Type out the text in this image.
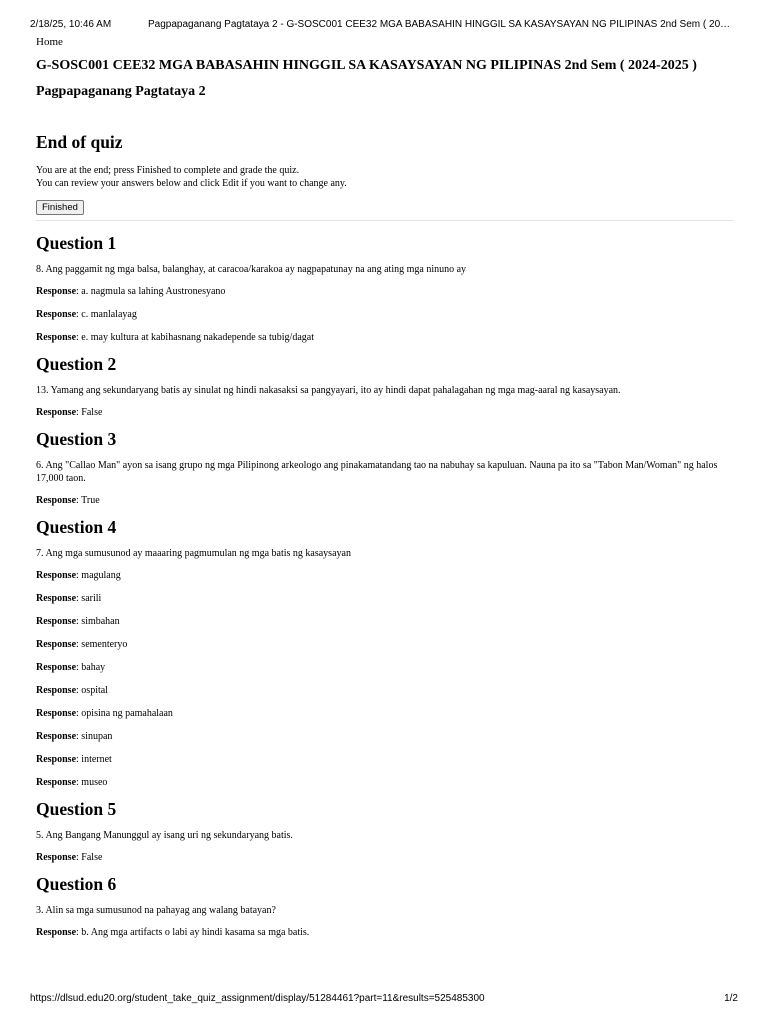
2/18/25, 10:46 AM	Pagpapaganang Pagtataya 2 - G-SOSC001 CEE32 MGA BABASAHIN HINGGIL SA KASAYSAYAN NG PILIPINAS 2nd Sem ( 20…
Home
G-SOSC001 CEE32 MGA BABASAHIN HINGGIL SA KASAYSAYAN NG PILIPINAS 2nd Sem ( 2024-2025 )
Pagpapaganang Pagtataya 2
End of quiz
You are at the end; press Finished to complete and grade the quiz.
You can review your answers below and click Edit if you want to change any.
Finished
Question 1

8. Ang paggamit ng mga balsa, balanghay, at caracoa/karakoa ay nagpapatunay na ang ating mga ninuno ay

Response: a. nagmula sa lahing Austronesyano

Response: c. manlalayag

Response: e. may kultura at kabihasnang nakadepende sa tubig/dagat

Question 2

13. Yamang ang sekundaryang batis ay sinulat ng hindi nakasaksi sa pangyayari, ito ay hindi dapat pahalagahan ng mga mag-aaral ng kasaysayan.

Response: False

Question 3

6. Ang "Callao Man" ayon sa isang grupo ng mga Pilipinong arkeologo ang pinakamatandang tao na nabuhay sa kapuluan. Nauna pa ito sa "Tabon Man/Woman" ng halos 17,000 taon.

Response: True

Question 4

7. Ang mga sumusunod ay maaaring pagmumulan ng mga batis ng kasaysayan

Response: magulang

Response: sarili

Response: simbahan

Response: sementeryo

Response: bahay

Response: ospital

Response: opisina ng pamahalaan

Response: sinupan

Response: internet

Response: museo

Question 5

5. Ang Bangang Manunggul ay isang uri ng sekundaryang batis.

Response: False

Question 6

3. Alin sa mga sumusunod na pahayag ang walang batayan?

Response: b. Ang mga artifacts o labi ay hindi kasama sa mga batis.

https://dlsud.edu20.org/student_take_quiz_assignment/display/51284461?part=11&results=525485300	1/2
